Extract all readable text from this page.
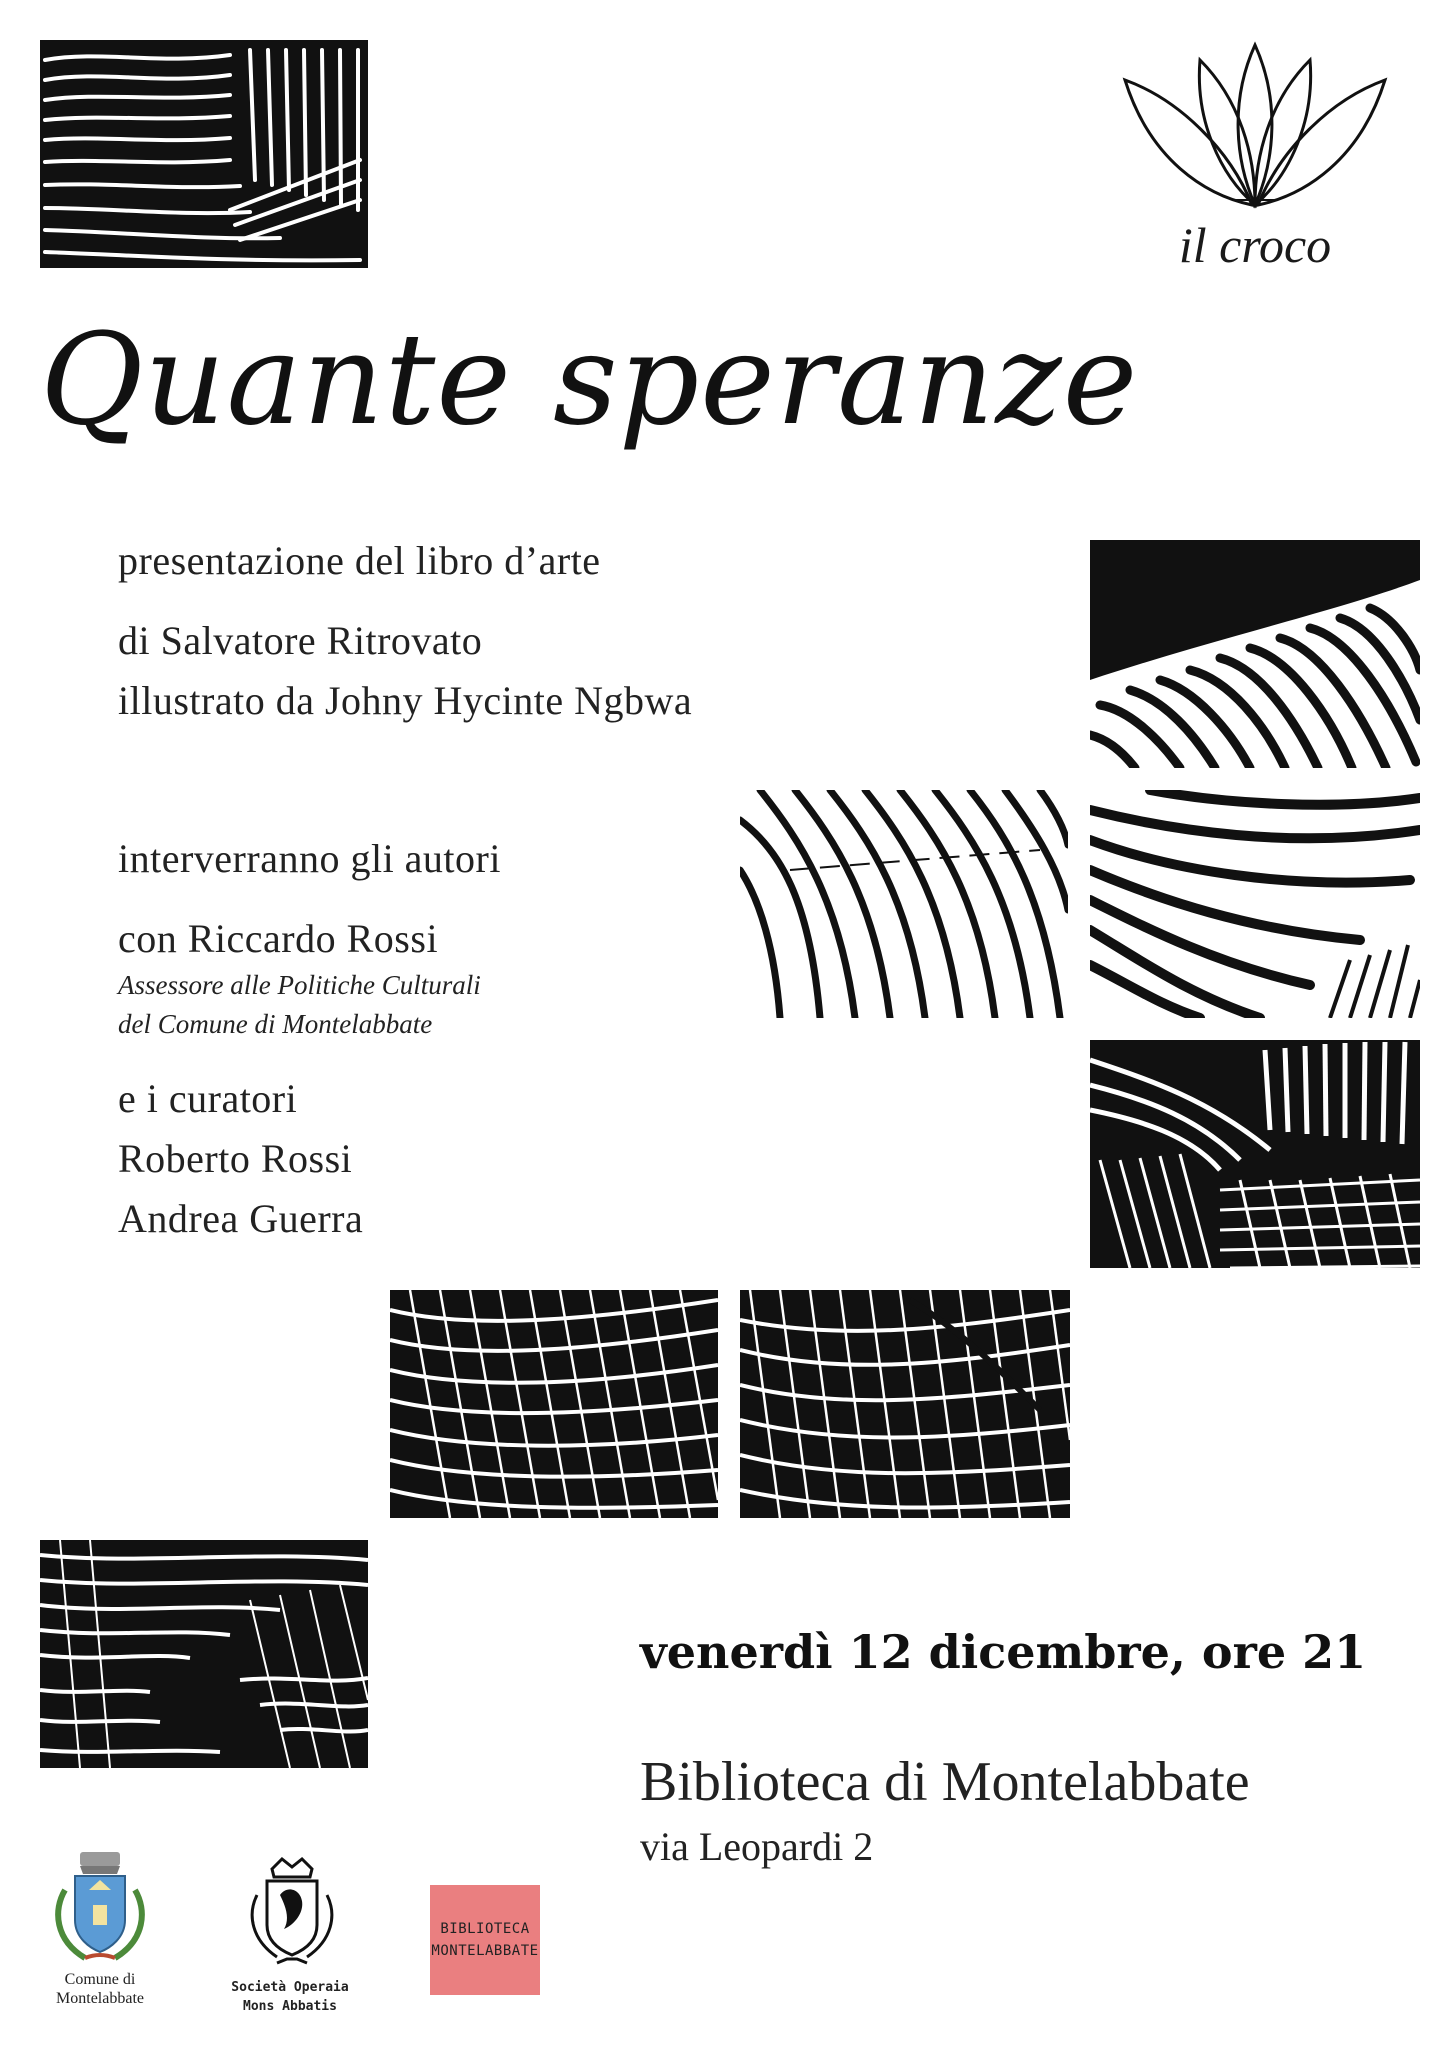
il croco
Quante speranze
presentazione del libro d’arte
di Salvatore Ritrovato
illustrato da Johny Hycinte Ngbwa
interverranno gli autori
con Riccardo Rossi
Assessore alle Politiche Culturali
del Comune di Montelabbate
e i curatori
Roberto Rossi
Andrea Guerra
venerdì 12 dicembre, ore 21
Biblioteca di Montelabbate
via Leopardi 2
Comune di
Montelabbate
Società Operaia
Mons Abbatis
BIBLIOTECA
MONTELABBATE
